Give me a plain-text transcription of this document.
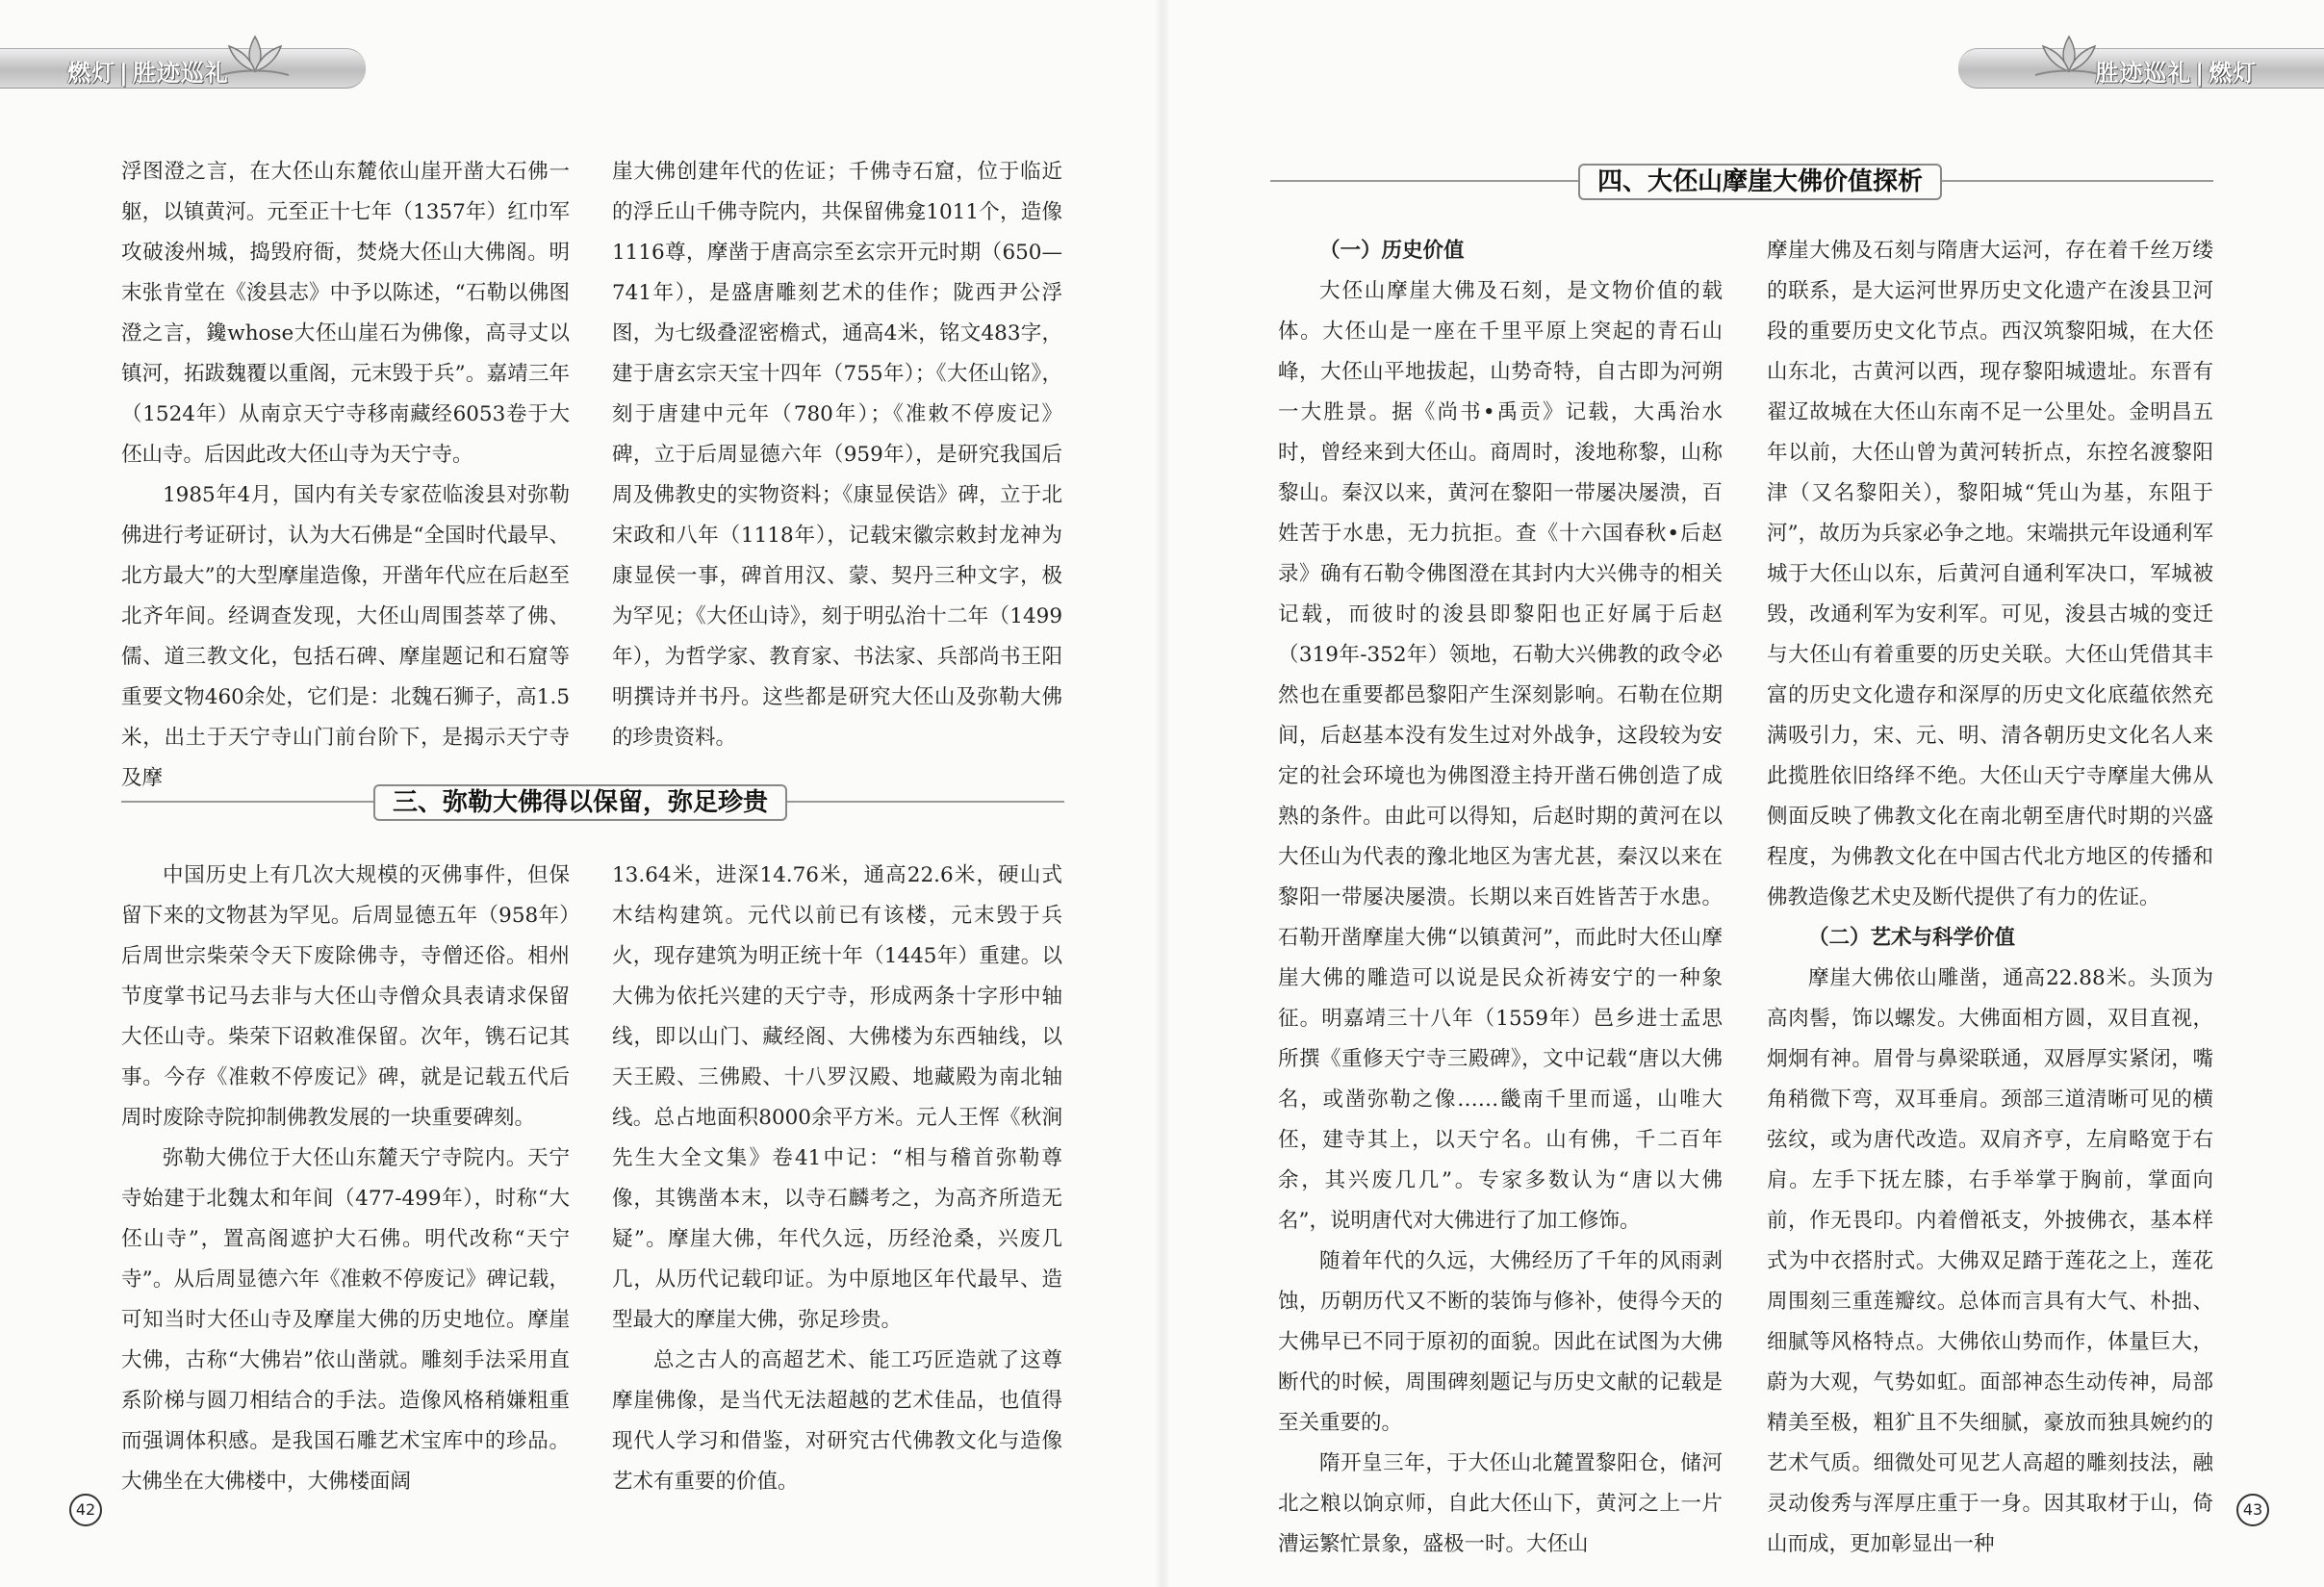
燃灯 | 胜迹巡礼

浮图澄之言，在大伾山东麓依山崖开凿大石佛一躯，以镇黄河。元至正十七年（1357年）红巾军攻破浚州城，捣毁府衙，焚烧大伾山大佛阁。明末张肯堂在《浚县志》中予以陈述，“石勒以佛图澄之言，鑱whose大伾山崖石为佛像，高寻丈以镇河，拓跋魏覆以重阁，元末毁于兵”。嘉靖三年（1524年）从南京天宁寺移南藏经6053卷于大伾山寺。后因此改大伾山寺为天宁寺。

1985年4月，国内有关专家莅临浚县对弥勒佛进行考证研讨，认为大石佛是“全国时代最早、北方最大”的大型摩崖造像，开凿年代应在后赵至北齐年间。经调查发现，大伾山周围荟萃了佛、儒、道三教文化，包括石碑、摩崖题记和石窟等重要文物460余处，它们是：北魏石狮子，高1.5米，出土于天宁寺山门前台阶下，是揭示天宁寺及摩

崖大佛创建年代的佐证；千佛寺石窟，位于临近的浮丘山千佛寺院内，共保留佛龛1011个，造像1116尊，摩凿于唐高宗至玄宗开元时期（650—741年），是盛唐雕刻艺术的佳作；陇西尹公浮图，为七级叠涩密檐式，通高4米，铭文483字，建于唐玄宗天宝十四年（755年）；《大伾山铭》，刻于唐建中元年（780年）；《准敕不停废记》碑，立于后周显德六年（959年），是研究我国后周及佛教史的实物资料；《康显侯诰》碑，立于北宋政和八年（1118年），记载宋徽宗敕封龙神为康显侯一事，碑首用汉、蒙、契丹三种文字，极为罕见；《大伾山诗》，刻于明弘治十二年（1499年），为哲学家、教育家、书法家、兵部尚书王阳明撰诗并书丹。这些都是研究大伾山及弥勒大佛的珍贵资料。

三、弥勒大佛得以保留，弥足珍贵

中国历史上有几次大规模的灭佛事件，但保留下来的文物甚为罕见。后周显德五年（958年）后周世宗柴荣令天下废除佛寺，寺僧还俗。相州节度掌书记马去非与大伾山寺僧众具表请求保留大伾山寺。柴荣下诏敕准保留。次年，镌石记其事。今存《准敕不停废记》碑，就是记载五代后周时废除寺院抑制佛教发展的一块重要碑刻。

弥勒大佛位于大伾山东麓天宁寺院内。天宁寺始建于北魏太和年间（477-499年），时称“大伾山寺”，置高阁遮护大石佛。明代改称“天宁寺”。从后周显德六年《准敕不停废记》碑记载，可知当时大伾山寺及摩崖大佛的历史地位。摩崖大佛，古称“大佛岩”依山凿就。雕刻手法采用直系阶梯与圆刀相结合的手法。造像风格稍嫌粗重而强调体积感。是我国石雕艺术宝库中的珍品。大佛坐在大佛楼中，大佛楼面阔

13.64米，进深14.76米，通高22.6米，硬山式木结构建筑。元代以前已有该楼，元末毁于兵火，现存建筑为明正统十年（1445年）重建。以大佛为依托兴建的天宁寺，形成两条十字形中轴线，即以山门、藏经阁、大佛楼为东西轴线，以天王殿、三佛殿、十八罗汉殿、地藏殿为南北轴线。总占地面积8000余平方米。元人王恽《秋涧先生大全文集》卷41中记：“相与稽首弥勒尊像，其镌凿本末，以寺石麟考之，为高齐所造无疑”。摩崖大佛，年代久远，历经沧桑，兴废几几，从历代记载印证。为中原地区年代最早、造型最大的摩崖大佛，弥足珍贵。

总之古人的高超艺术、能工巧匠造就了这尊摩崖佛像，是当代无法超越的艺术佳品，也值得现代人学习和借鉴，对研究古代佛教文化与造像艺术有重要的价值。

42
胜迹巡礼 | 燃灯
四、大伾山摩崖大佛价值探析

（一）历史价值

大伾山摩崖大佛及石刻，是文物价值的载体。大伾山是一座在千里平原上突起的青石山峰，大伾山平地拔起，山势奇特，自古即为河朔一大胜景。据《尚书•禹贡》记载，大禹治水时，曾经来到大伾山。商周时，浚地称黎，山称黎山。秦汉以来，黄河在黎阳一带屡决屡溃，百姓苦于水患，无力抗拒。查《十六国春秋•后赵录》确有石勒令佛图澄在其封内大兴佛寺的相关记载，而彼时的浚县即黎阳也正好属于后赵（319年-352年）领地，石勒大兴佛教的政令必然也在重要都邑黎阳产生深刻影响。石勒在位期间，后赵基本没有发生过对外战争，这段较为安定的社会环境也为佛图澄主持开凿石佛创造了成熟的条件。由此可以得知，后赵时期的黄河在以大伾山为代表的豫北地区为害尤甚，秦汉以来在黎阳一带屡决屡溃。长期以来百姓皆苦于水患。石勒开凿摩崖大佛“以镇黄河”，而此时大伾山摩崖大佛的雕造可以说是民众祈祷安宁的一种象征。明嘉靖三十八年（1559年）邑乡进士孟思所撰《重修天宁寺三殿碑》，文中记载“唐以大佛名，或凿弥勒之像……畿南千里而遥，山唯大伾，建寺其上，以天宁名。山有佛，千二百年余，其兴废几几”。专家多数认为“唐以大佛名”，说明唐代对大佛进行了加工修饰。

随着年代的久远，大佛经历了千年的风雨剥蚀，历朝历代又不断的装饰与修补，使得今天的大佛早已不同于原初的面貌。因此在试图为大佛断代的时候，周围碑刻题记与历史文献的记载是至关重要的。

隋开皇三年，于大伾山北麓置黎阳仓，储河北之粮以饷京师，自此大伾山下，黄河之上一片漕运繁忙景象，盛极一时。大伾山

摩崖大佛及石刻与隋唐大运河，存在着千丝万缕的联系，是大运河世界历史文化遗产在浚县卫河段的重要历史文化节点。西汉筑黎阳城，在大伾山东北，古黄河以西，现存黎阳城遗址。东晋有翟辽故城在大伾山东南不足一公里处。金明昌五年以前，大伾山曾为黄河转折点，东控名渡黎阳津（又名黎阳关），黎阳城“凭山为基，东阻于河”，故历为兵家必争之地。宋端拱元年设通利军城于大伾山以东，后黄河自通利军决口，军城被毁，改通利军为安利军。可见，浚县古城的变迁与大伾山有着重要的历史关联。大伾山凭借其丰富的历史文化遗存和深厚的历史文化底蕴依然充满吸引力，宋、元、明、清各朝历史文化名人来此揽胜依旧络绎不绝。大伾山天宁寺摩崖大佛从侧面反映了佛教文化在南北朝至唐代时期的兴盛程度，为佛教文化在中国古代北方地区的传播和佛教造像艺术史及断代提供了有力的佐证。

（二）艺术与科学价值

摩崖大佛依山雕凿，通高22.88米。头顶为高肉髻，饰以螺发。大佛面相方圆，双目直视，炯炯有神。眉骨与鼻梁联通，双唇厚实紧闭，嘴角稍微下弯，双耳垂肩。颈部三道清晰可见的横弦纹，或为唐代改造。双肩齐亨，左肩略宽于右肩。左手下抚左膝，右手举掌于胸前，掌面向前，作无畏印。内着僧祇支，外披佛衣，基本样式为中衣搭肘式。大佛双足踏于莲花之上，莲花周围刻三重莲瓣纹。总体而言具有大气、朴拙、细腻等风格特点。大佛依山势而作，体量巨大，蔚为大观，气势如虹。面部神态生动传神，局部精美至极，粗犷且不失细腻，豪放而独具婉约的艺术气质。细微处可见艺人高超的雕刻技法，融灵动俊秀与浑厚庄重于一身。因其取材于山，倚山而成，更加彰显出一种

43
